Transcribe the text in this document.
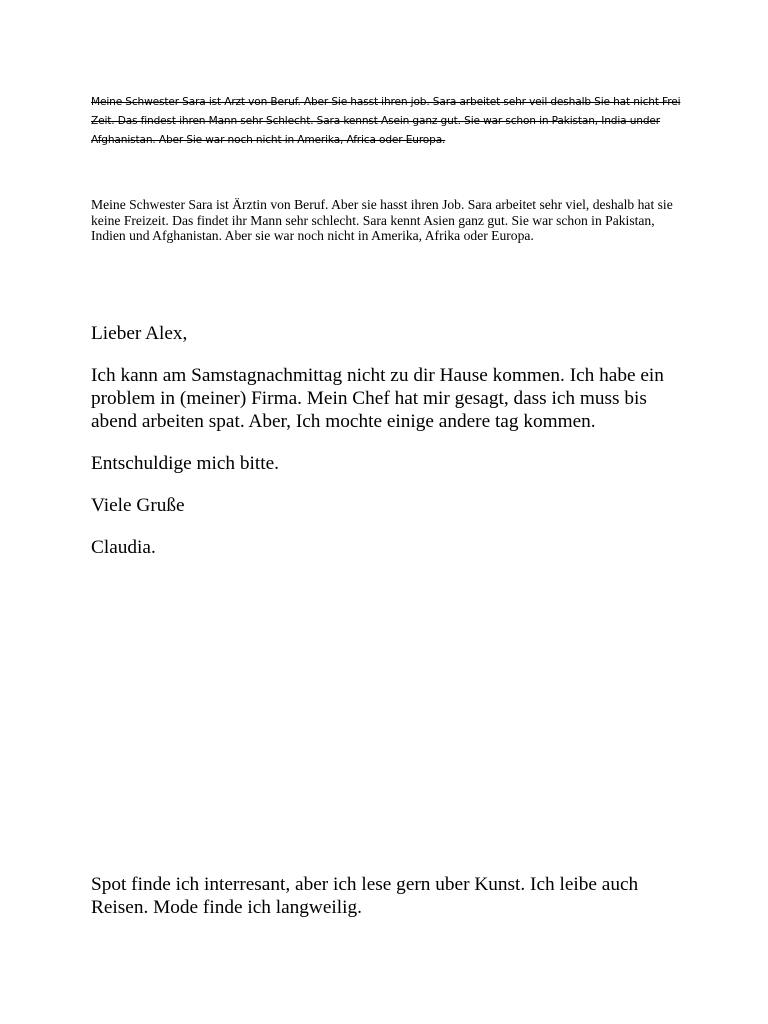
Meine Schwester Sara ist Arzt von Beruf. Aber Sie hasst ihren job. Sara arbeitet sehr veil deshalb Sie hat nicht Frei Zeit. Das findest ihren Mann sehr Schlecht. Sara kennst Asein ganz gut. Sie war schon in Pakistan, India under Afghanistan. Aber Sie war noch nicht in Amerika, Africa oder Europa.

Meine Schwester Sara ist Ärztin von Beruf. Aber sie hasst ihren Job. Sara arbeitet sehr viel, deshalb hat sie keine Freizeit. Das findet ihr Mann sehr schlecht. Sara kennt Asien ganz gut. Sie war schon in Pakistan, Indien und Afghanistan. Aber sie war noch nicht in Amerika, Afrika oder Europa.

Lieber Alex,

Ich kann am Samstagnachmittag nicht zu dir Hause kommen. Ich habe ein problem in (meiner) Firma. Mein Chef hat mir gesagt, dass ich muss bis abend arbeiten spat. Aber, Ich mochte einige andere tag kommen.

Entschuldige mich bitte.

Viele Gruße

Claudia.

Spot finde ich interresant, aber ich lese gern uber Kunst. Ich leibe auch Reisen. Mode finde ich langweilig.
